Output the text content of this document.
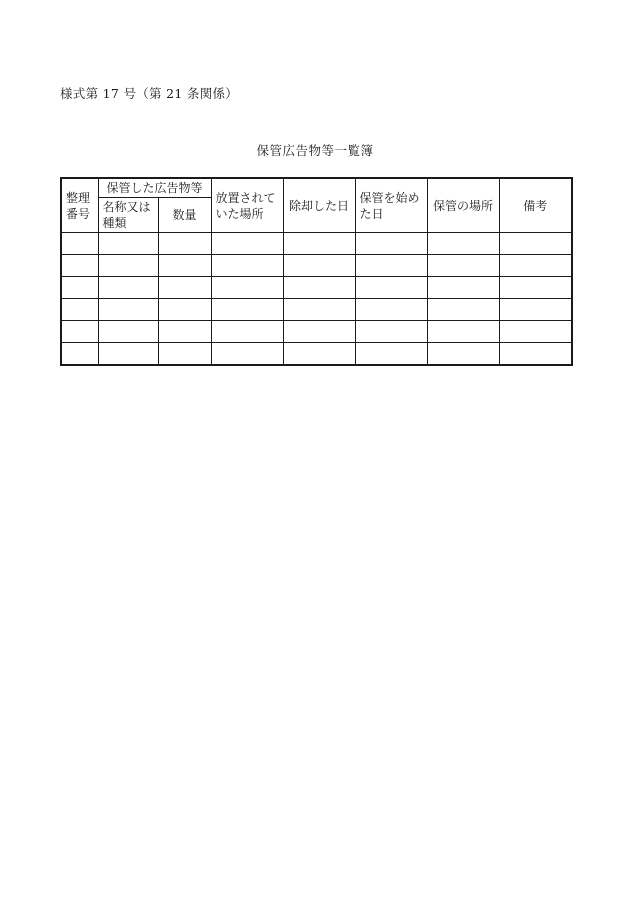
様式第 17 号（第 21 条関係）
保管広告物等一覧簿
整理番号	保管した広告物等		放置されていた場所	除却した日	保管を始めた日	保管の場所	備考
	名称又は種類	数量					
